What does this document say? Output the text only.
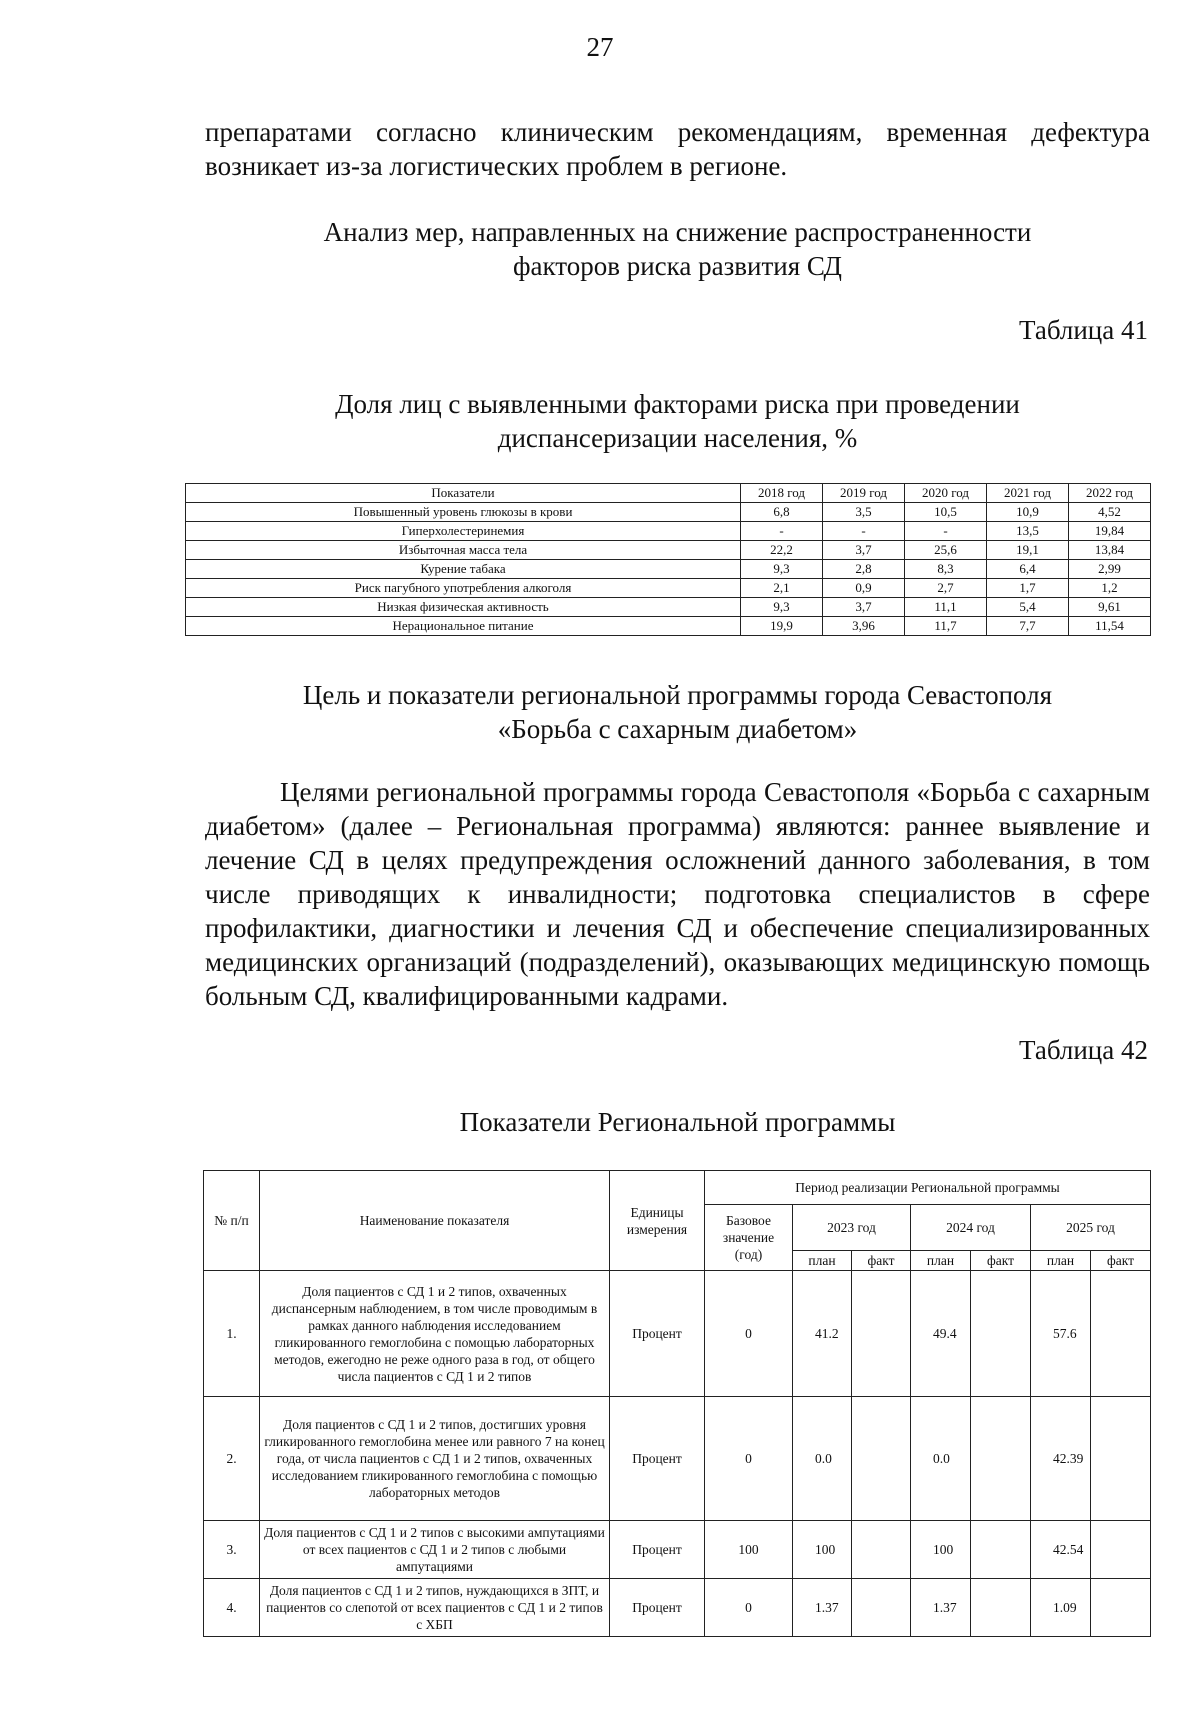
27
препаратами согласно клиническим рекомендациям, временная дефектура возникает из-за логистических проблем в регионе.
Анализ мер, направленных на снижение распространенности
факторов риска развития СД
Таблица 41
Доля лиц с выявленными факторами риска при проведении
диспансеризации населения, %
Показатели	2018 год	2019 год	2020 год	2021 год	2022 год
Повышенный уровень глюкозы в крови	6,8	3,5	10,5	10,9	4,52
Гиперхолестеринемия	-	-	-	13,5	19,84
Избыточная масса тела	22,2	3,7	25,6	19,1	13,84
Курение табака	9,3	2,8	8,3	6,4	2,99
Риск пагубного употребления алкоголя	2,1	0,9	2,7	1,7	1,2
Низкая физическая активность	9,3	3,7	11,1	5,4	9,61
Нерациональное питание	19,9	3,96	11,7	7,7	11,54
Цель и показатели региональной программы города Севастополя
«Борьба с сахарным диабетом»
Целями региональной программы города Севастополя «Борьба с сахарным диабетом» (далее – Региональная программа) являются: раннее выявление и лечение СД в целях предупреждения осложнений данного заболевания, в том числе приводящих к инвалидности; подготовка специалистов в сфере профилактики, диагностики и лечения СД и обеспечение специализированных медицинских организаций (подразделений), оказывающих медицинскую помощь больным СД, квалифицированными кадрами.
Таблица 42
Показатели Региональной программы
№ п/п	Наименование показателя	Единицы измерения	Период реализации Региональной программы						
			Базовое значение (год)	2023 год		2024 год		2025 год	
				план	факт	план	факт	план	факт
1.	Доля пациентов с СД 1 и 2 типов, охваченных диспансерным наблюдением, в том числе проводимым в рамках данного наблюдения исследованием гликированного гемоглобина с помощью лабораторных методов, ежегодно не реже одного раза в год, от общего числа пациентов с СД 1 и 2 типов	Процент	0	41.2		49.4		57.6	
2.	Доля пациентов с СД 1 и 2 типов, достигших уровня гликированного гемоглобина менее или равного 7 на конец года, от числа пациентов с СД 1 и 2 типов, охваченных исследованием гликированного гемоглобина с помощью лабораторных методов	Процент	0	0.0		0.0		42.39	
3.	Доля пациентов с СД 1 и 2 типов с высокими ампутациями от всех пациентов с СД 1 и 2 типов с любыми ампутациями	Процент	100	100		100		42.54	
4.	Доля пациентов с СД 1 и 2 типов, нуждающихся в ЗПТ, и пациентов со слепотой от всех пациентов с СД 1 и 2 типов с ХБП	Процент	0	1.37		1.37		1.09	
